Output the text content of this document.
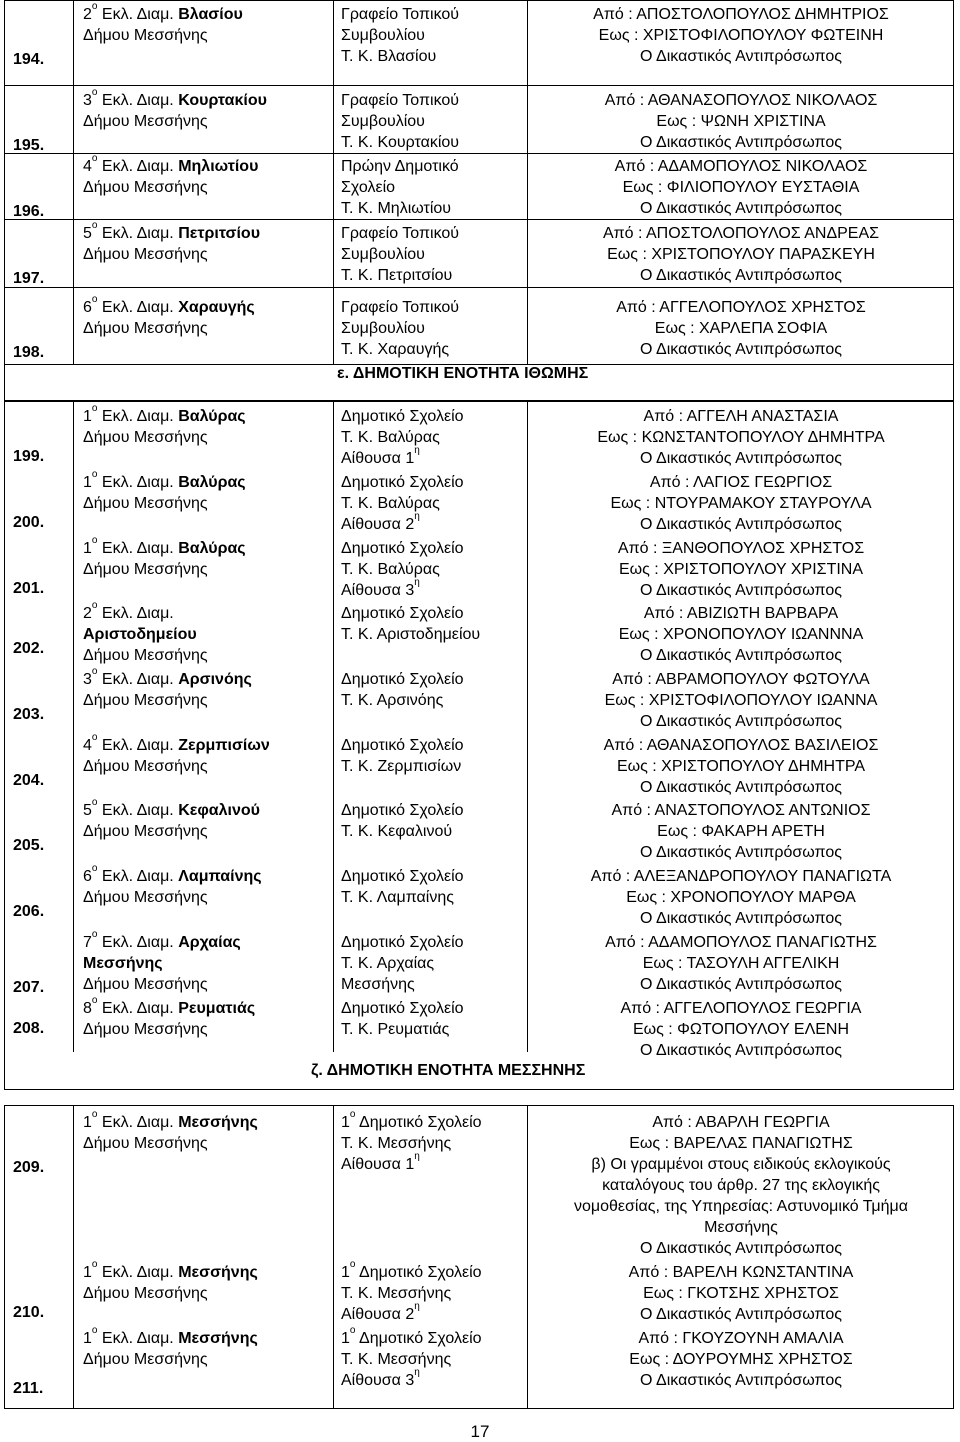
194.
$2^o$ Εκλ. Διαμ. Βλασίου
Δήμου Μεσσήνης
Γραφείο Τοπικού
Συμβουλίου
Τ. Κ. Βλασίου
Από : ΑΠΟΣΤΟΛΟΠΟΥΛΟΣ ΔΗΜΗΤΡΙΟΣ
Εως : ΧΡΙΣΤΟΦΙΛΟΠΟΥΛΟΥ ΦΩΤΕΙΝΗ
Ο Δικαστικός Αντιπρόσωπος
195.
$3^o$ Εκλ. Διαμ. Κουρτακίου
Δήμου Μεσσήνης
Γραφείο Τοπικού
Συμβουλίου
Τ. Κ. Κουρτακίου
Από : ΑΘΑΝΑΣΟΠΟΥΛΟΣ ΝΙΚΟΛΑΟΣ
Εως : ΨΩΝΗ ΧΡΙΣΤΙΝΑ
Ο Δικαστικός Αντιπρόσωπος
196.
$4^o$ Εκλ. Διαμ. Μηλιωτίου
Δήμου Μεσσήνης
Πρώην Δημοτικό
Σχολείο
Τ. Κ. Μηλιωτίου
Από : ΑΔΑΜΟΠΟΥΛΟΣ ΝΙΚΟΛΑΟΣ
Εως : ΦΙΛΙΟΠΟΥΛΟΥ ΕΥΣΤΑΘΙΑ
Ο Δικαστικός Αντιπρόσωπος
197.
$5^o$ Εκλ. Διαμ. Πετριτσίου
Δήμου Μεσσήνης
Γραφείο Τοπικού
Συμβουλίου
Τ. Κ. Πετριτσίου
Από : ΑΠΟΣΤΟΛΟΠΟΥΛΟΣ ΑΝΔΡΕΑΣ
Εως : ΧΡΙΣΤΟΠΟΥΛΟΥ ΠΑΡΑΣΚΕΥΗ
Ο Δικαστικός Αντιπρόσωπος
198.
$6^o$ Εκλ. Διαμ. Χαραυγής
Δήμου Μεσσήνης
Γραφείο Τοπικού
Συμβουλίου
Τ. Κ. Χαραυγής
Από : ΑΓΓΕΛΟΠΟΥΛΟΣ ΧΡΗΣΤΟΣ
Εως : ΧΑΡΛΕΠΑ ΣΟΦΙΑ
Ο Δικαστικός Αντιπρόσωπος
ε. ΔΗΜΟΤΙΚΗ ΕΝΟΤΗΤΑ ΙΘΩΜΗΣ
199.
$1^o$ Εκλ. Διαμ. Βαλύρας
Δήμου Μεσσήνης
Δημοτικό Σχολείο
Τ. Κ. Βαλύρας
Αίθουσα $1^\eta$
Από : ΑΓΓΕΛΗ ΑΝΑΣΤΑΣΙΑ
Εως : ΚΩΝΣΤΑΝΤΟΠΟΥΛΟΥ ΔΗΜΗΤΡΑ
Ο Δικαστικός Αντιπρόσωπος
200.
$1^o$ Εκλ. Διαμ. Βαλύρας
Δήμου Μεσσήνης
Δημοτικό Σχολείο
Τ. Κ. Βαλύρας
Αίθουσα $2^\eta$
Από : ΛΑΓΙΟΣ ΓΕΩΡΓΙΟΣ
Εως : ΝΤΟΥΡΑΜΑΚΟΥ ΣΤΑΥΡΟΥΛΑ
Ο Δικαστικός Αντιπρόσωπος
201.
$1^o$ Εκλ. Διαμ. Βαλύρας
Δήμου Μεσσήνης
Δημοτικό Σχολείο
Τ. Κ. Βαλύρας
Αίθουσα $3^\eta$
Από : ΞΑΝΘΟΠΟΥΛΟΣ ΧΡΗΣΤΟΣ
Εως : ΧΡΙΣΤΟΠΟΥΛΟΥ ΧΡΙΣΤΙΝΑ
Ο Δικαστικός Αντιπρόσωπος
202.
$2^o$ Εκλ. Διαμ.
Αριστοδημείου
Δήμου Μεσσήνης
Δημοτικό Σχολείο
Τ. Κ. Αριστοδημείου
Από : ΑΒΙΖΙΩΤΗ ΒΑΡΒΑΡΑ
Εως : ΧΡΟΝΟΠΟΥΛΟΥ ΙΩΑΝΝΝΑ
Ο Δικαστικός Αντιπρόσωπος
203.
$3^o$ Εκλ. Διαμ. Αρσινόης
Δήμου Μεσσήνης
Δημοτικό Σχολείο
Τ. Κ. Αρσινόης
Από : ΑΒΡΑΜΟΠΟΥΛΟΥ ΦΩΤΟΥΛΑ
Εως : ΧΡΙΣΤΟΦΙΛΟΠΟΥΛΟΥ ΙΩΑΝΝΑ
Ο Δικαστικός Αντιπρόσωπος
204.
$4^o$ Εκλ. Διαμ. Ζερμπισίων
Δήμου Μεσσήνης
Δημοτικό Σχολείο
Τ. Κ. Ζερμπισίων
Από : ΑΘΑΝΑΣΟΠΟΥΛΟΣ ΒΑΣΙΛΕΙΟΣ
Εως : ΧΡΙΣΤΟΠΟΥΛΟΥ ΔΗΜΗΤΡΑ
Ο Δικαστικός Αντιπρόσωπος
205.
$5^o$ Εκλ. Διαμ. Κεφαλινού
Δήμου Μεσσήνης
Δημοτικό Σχολείο
Τ. Κ. Κεφαλινού
Από : ΑΝΑΣΤΟΠΟΥΛΟΣ ΑΝΤΩΝΙΟΣ
Εως : ΦΑΚΑΡΗ ΑΡΕΤΗ
Ο Δικαστικός Αντιπρόσωπος
206.
$6^o$ Εκλ. Διαμ. Λαμπαίνης
Δήμου Μεσσήνης
Δημοτικό Σχολείο
Τ. Κ. Λαμπαίνης
Από : ΑΛΕΞΑΝΔΡΟΠΟΥΛΟΥ ΠΑΝΑΓΙΩΤΑ
Εως : ΧΡΟΝΟΠΟΥΛΟΥ ΜΑΡΘΑ
Ο Δικαστικός Αντιπρόσωπος
207.
$7^o$ Εκλ. Διαμ. Αρχαίας
Μεσσήνης
Δήμου Μεσσήνης
Δημοτικό Σχολείο
Τ. Κ. Αρχαίας
Μεσσήνης
Από : ΑΔΑΜΟΠΟΥΛΟΣ ΠΑΝΑΓΙΩΤΗΣ
Εως : ΤΑΣΟΥΛΗ ΑΓΓΕΛΙΚΗ
Ο Δικαστικός Αντιπρόσωπος
208.
$8^o$ Εκλ. Διαμ. Ρευματιάς
Δήμου Μεσσήνης
Δημοτικό Σχολείο
Τ. Κ. Ρευματιάς
Από : ΑΓΓΕΛΟΠΟΥΛΟΣ ΓΕΩΡΓΙΑ
Εως : ΦΩΤΟΠΟΥΛΟΥ ΕΛΕΝΗ
Ο Δικαστικός Αντιπρόσωπος
ζ. ΔΗΜΟΤΙΚΗ ΕΝΟΤΗΤΑ ΜΕΣΣΗΝΗΣ
209.
$1^o$ Εκλ. Διαμ. Μεσσήνης
Δήμου Μεσσήνης
$1^o$ Δημοτικό Σχολείο
Τ. Κ. Μεσσήνης
Αίθουσα $1^\eta$
Από : ΑΒΑΡΛΗ ΓΕΩΡΓΙΑ
Εως : ΒΑΡΕΛΑΣ ΠΑΝΑΓΙΩΤΗΣ
β) Οι γραμμένοι στους ειδικούς εκλογικούς
καταλόγους του άρθρ. 27 της εκλογικής
νομοθεσίας, της Υπηρεσίας: Αστυνομικό Τμήμα
Μεσσήνης
Ο Δικαστικός Αντιπρόσωπος
210.
$1^o$ Εκλ. Διαμ. Μεσσήνης
Δήμου Μεσσήνης
$1^o$ Δημοτικό Σχολείο
Τ. Κ. Μεσσήνης
Αίθουσα $2^\eta$
Από : ΒΑΡΕΛΗ ΚΩΝΣΤΑΝΤΙΝΑ
Εως : ΓΚΟΤΣΗΣ ΧΡΗΣΤΟΣ
Ο Δικαστικός Αντιπρόσωπος
211.
$1^o$ Εκλ. Διαμ. Μεσσήνης
Δήμου Μεσσήνης
$1^o$ Δημοτικό Σχολείο
Τ. Κ. Μεσσήνης
Αίθουσα $3^\eta$
Από : ΓΚΟΥΖΟΥΝΗ ΑΜΑΛΙΑ
Εως : ΔΟΥΡΟΥΜΗΣ ΧΡΗΣΤΟΣ
Ο Δικαστικός Αντιπρόσωπος
17
